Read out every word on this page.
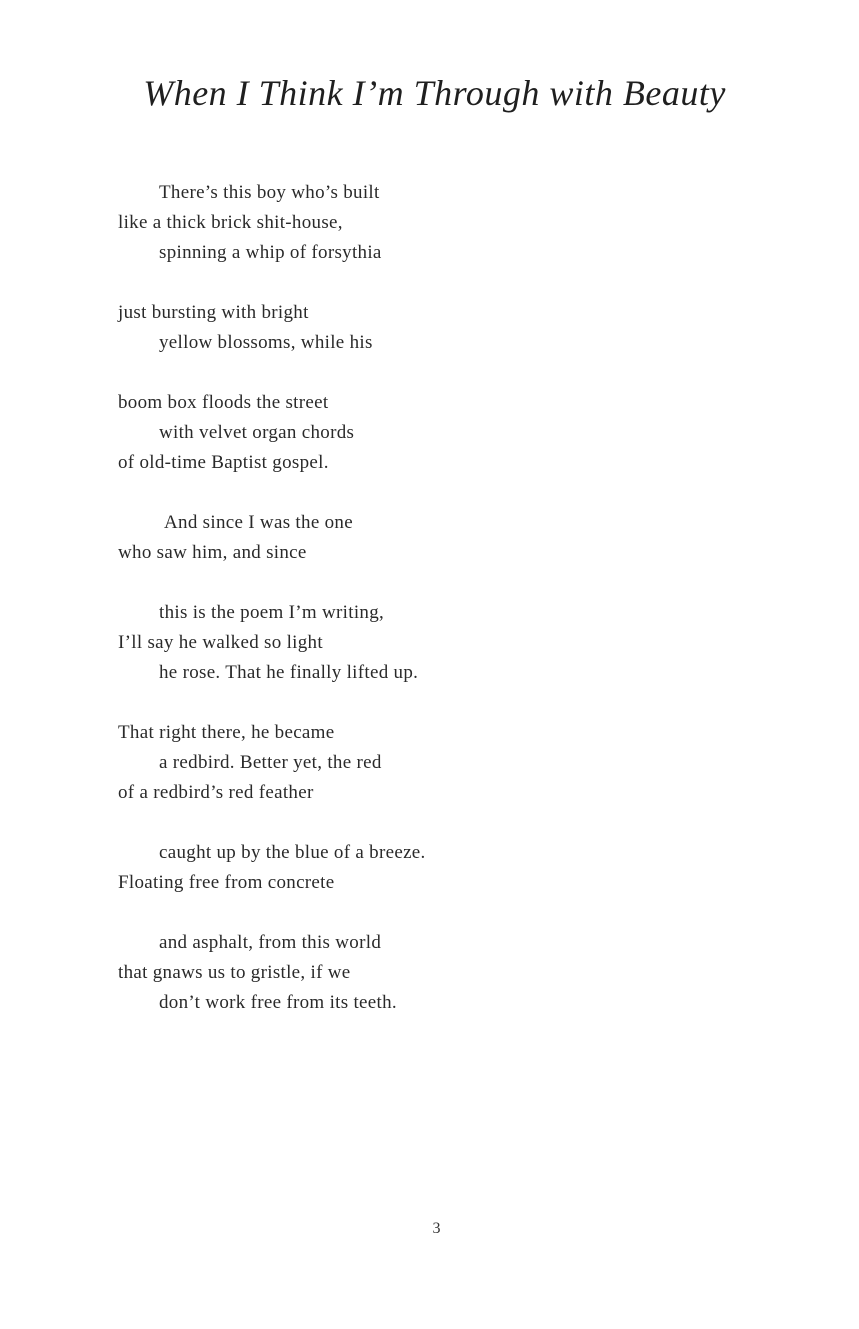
When I Think I’m Through with Beauty
There’s this boy who’s built
like a thick brick shit-house,
spinning a whip of forsythia
just bursting with bright
yellow blossoms, while his
boom box floods the street
with velvet organ chords
of old-time Baptist gospel.
And since I was the one
who saw him, and since
this is the poem I’m writing,
I’ll say he walked so light
he rose. That he finally lifted up.
That right there, he became
a redbird. Better yet, the red
of a redbird’s red feather
caught up by the blue of a breeze.
Floating free from concrete
and asphalt, from this world
that gnaws us to gristle, if we
don’t work free from its teeth.
3
